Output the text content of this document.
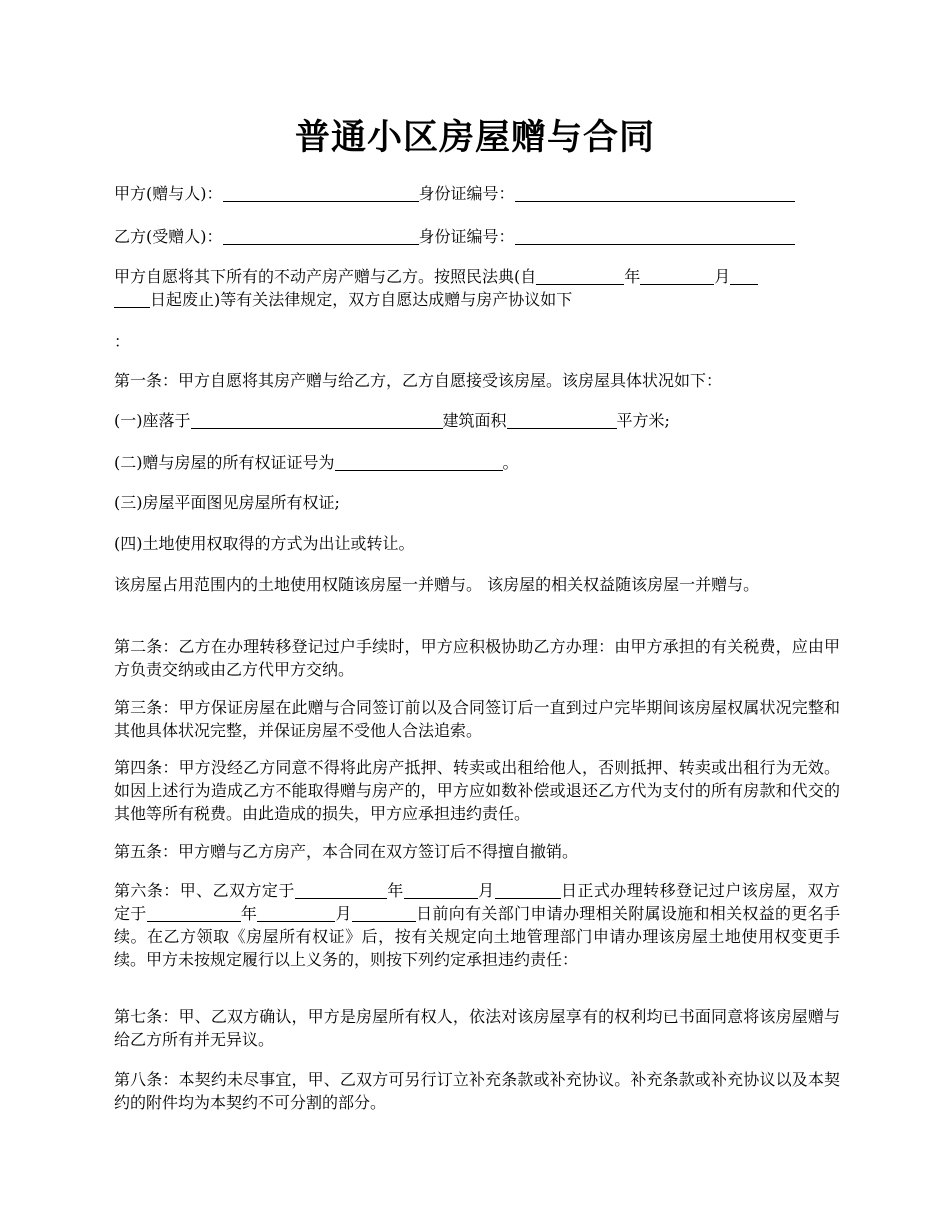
普通小区房屋赠与合同

甲方(赠与人)：	身份证编号：

乙方(受赠人)：	身份证编号：

甲方自愿将其下所有的不动产房产赠与乙方。按照民法典(自	年	月
日起废止)等有关法律规定，双方自愿达成赠与房产协议如下

：

第一条：甲方自愿将其房产赠与给乙方，乙方自愿接受该房屋。该房屋具体状况如下：

(一)座落于	建筑面积	平方米;

(二)赠与房屋的所有权证证号为	。

(三)房屋平面图见房屋所有权证;

(四)土地使用权取得的方式为出让或转让。

该房屋占用范围内的土地使用权随该房屋一并赠与。 该房屋的相关权益随该房屋一并赠与。

第二条：乙方在办理转移登记过户手续时，甲方应积极协助乙方办理：由甲方承担的有关税费，应由甲方负责交纳或由乙方代甲方交纳。

第三条：甲方保证房屋在此赠与合同签订前以及合同签订后一直到过户完毕期间该房屋权属状况完整和其他具体状况完整，并保证房屋不受他人合法追索。

第四条：甲方没经乙方同意不得将此房产抵押、转卖或出租给他人，否则抵押、转卖或出租行为无效。如因上述行为造成乙方不能取得赠与房产的，甲方应如数补偿或退还乙方代为支付的所有房款和代交的其他等所有税费。由此造成的损失，甲方应承担违约责任。

第五条：甲方赠与乙方房产，本合同在双方签订后不得擅自撤销。

第六条：甲、乙双方定于	年	月	日正式办理转移登记过户该房屋，双方定于	年	月	日前向有关部门申请办理相关附属设施和相关权益的更名手续。在乙方领取《房屋所有权证》后，按有关规定向土地管理部门申请办理该房屋土地使用权变更手续。甲方未按规定履行以上义务的，则按下列约定承担违约责任：

第七条：甲、乙双方确认，甲方是房屋所有权人，依法对该房屋享有的权利均已书面同意将该房屋赠与给乙方所有并无异议。

第八条：本契约未尽事宜，甲、乙双方可另行订立补充条款或补充协议。补充条款或补充协议以及本契约的附件均为本契约不可分割的部分。
